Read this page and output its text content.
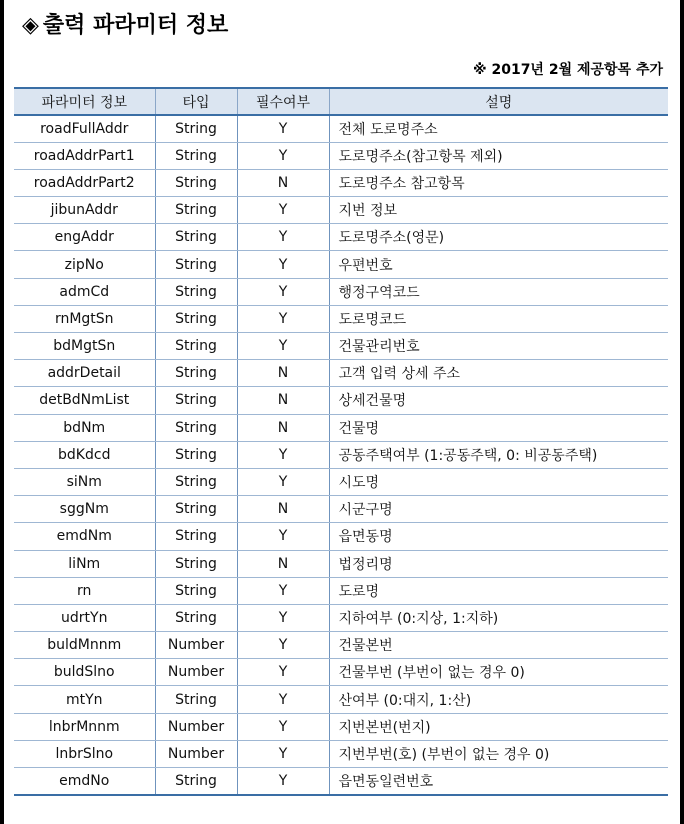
◈ 출력 파라미터 정보
※ 2017년 2월 제공항목 추가
파라미터 정보	타입	필수여부	설명
roadFullAddr	String	Y	전체 도로명주소
roadAddrPart1	String	Y	도로명주소(참고항목 제외)
roadAddrPart2	String	N	도로명주소 참고항목
jibunAddr	String	Y	지번 정보
engAddr	String	Y	도로명주소(영문)
zipNo	String	Y	우편번호
admCd	String	Y	행정구역코드
rnMgtSn	String	Y	도로명코드
bdMgtSn	String	Y	건물관리번호
addrDetail	String	N	고객 입력 상세 주소
detBdNmList	String	N	상세건물명
bdNm	String	N	건물명
bdKdcd	String	Y	공동주택여부 (1:공동주택, 0: 비공동주택)
siNm	String	Y	시도명
sggNm	String	N	시군구명
emdNm	String	Y	읍면동명
liNm	String	N	법정리명
rn	String	Y	도로명
udrtYn	String	Y	지하여부 (0:지상, 1:지하)
buldMnnm	Number	Y	건물본번
buldSlno	Number	Y	건물부번 (부번이 없는 경우 0)
mtYn	String	Y	산여부 (0:대지, 1:산)
lnbrMnnm	Number	Y	지번본번(번지)
lnbrSlno	Number	Y	지번부번(호) (부번이 없는 경우 0)
emdNo	String	Y	읍면동일련번호
